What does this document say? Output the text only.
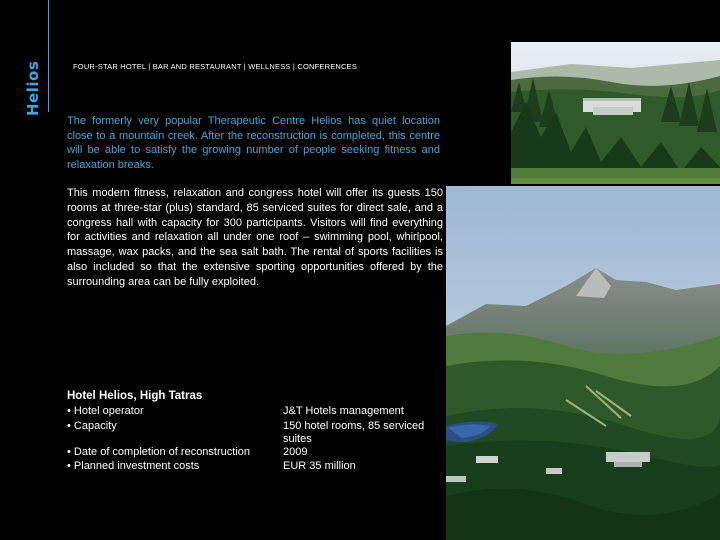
Helios	FOUR-STAR HOTEL | BAR AND RESTAURANT | WELLNESS | CONFERENCES
The formerly very popular Therapeutic Centre Helios has quiet location close to a mountain creek. After the reconstruction is completed, this centre will be able to satisfy the growing number of people seeking fitness and relaxation breaks.
This modern fitness, relaxation and congress hotel will offer its guests 150 rooms at three-star (plus) standard, 85 serviced suites for direct sale, and a congress hall with capacity for 300 participants. Visitors will find everything for activities and relaxation all under one roof – swimming pool, whirlpool, massage, wax packs, and the sea salt bath. The rental of sports facilities is also included so that the extensive sporting opportunities offered by the surrounding area can be fully exploited.
Hotel Helios, High Tatras
• Hotel operator	J&T Hotels management
• Capacity	150 hotel rooms, 85 serviced suites
• Date of completion of reconstruction	2009
• Planned investment costs	EUR 35 million
